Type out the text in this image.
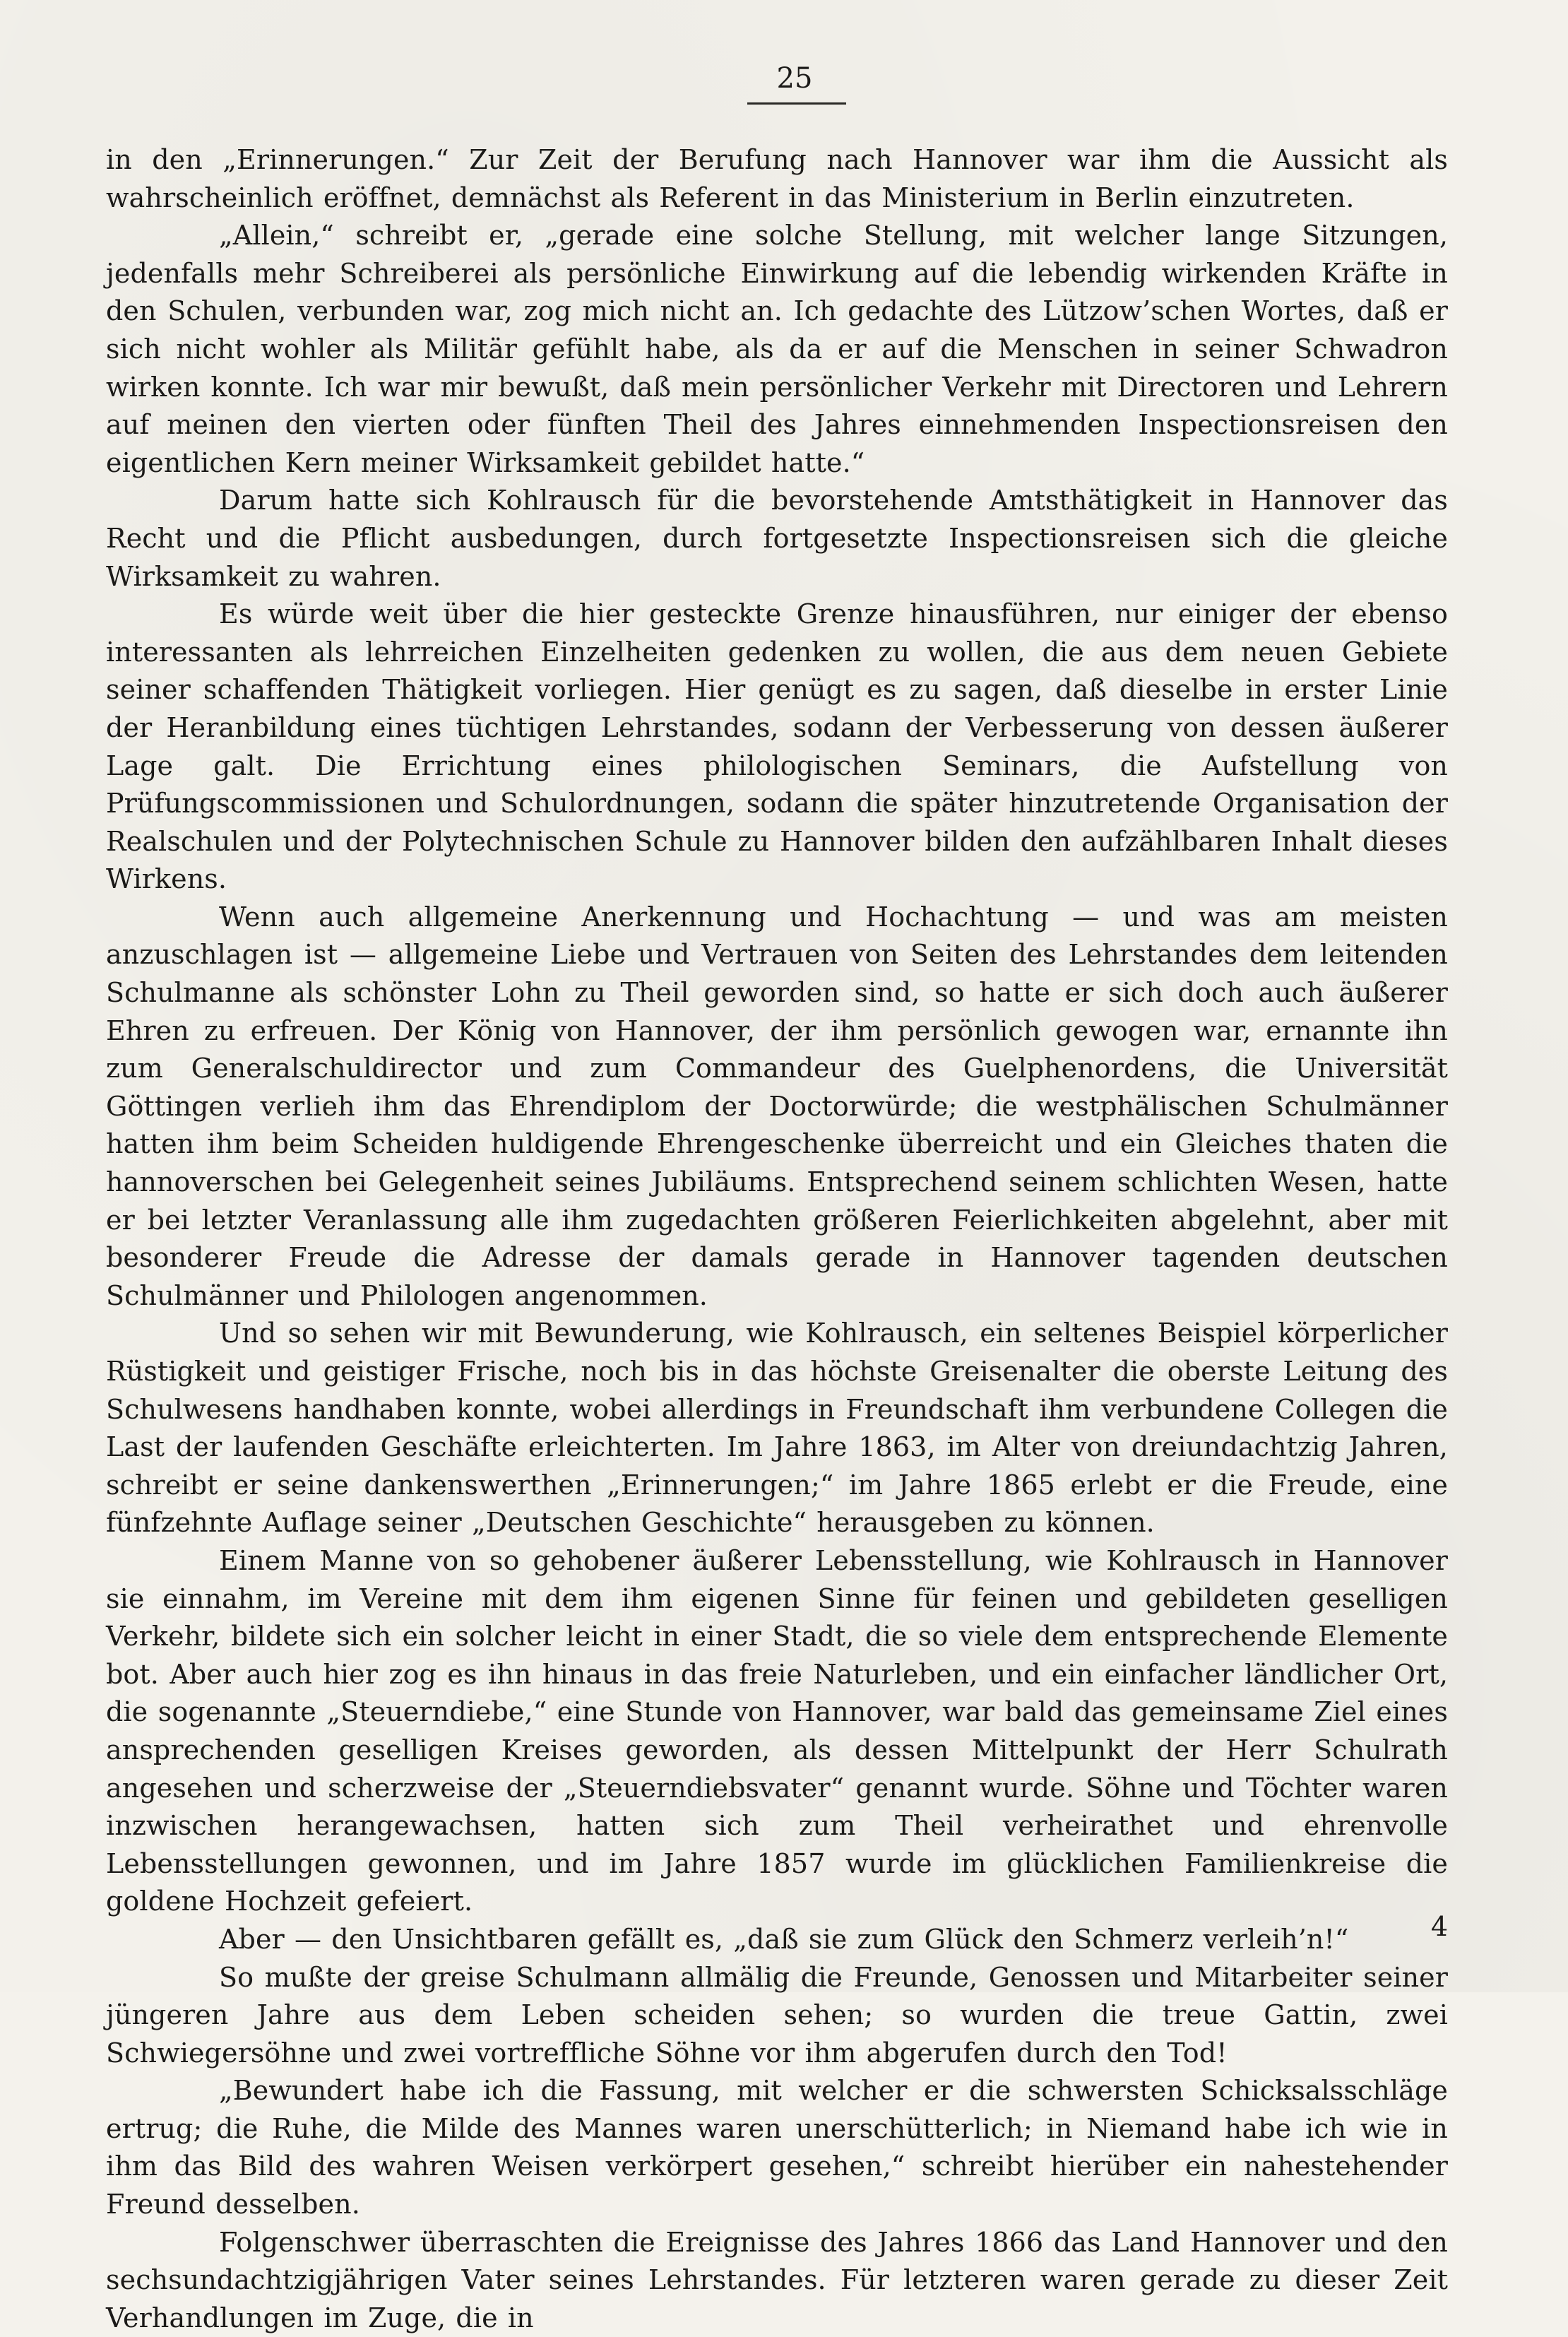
25

in den „Erinnerungen.“ Zur Zeit der Berufung nach Hannover war ihm die Aussicht als wahrscheinlich eröffnet, demnächst als Referent in das Ministerium in Berlin einzutreten.

„Allein,“ schreibt er, „gerade eine solche Stellung, mit welcher lange Sitzungen, jedenfalls mehr Schreiberei als persönliche Einwirkung auf die lebendig wirkenden Kräfte in den Schulen, verbunden war, zog mich nicht an. Ich gedachte des Lützow’schen Wortes, daß er sich nicht wohler als Militär gefühlt habe, als da er auf die Menschen in seiner Schwadron wirken konnte. Ich war mir bewußt, daß mein persönlicher Verkehr mit Directoren und Lehrern auf meinen den vierten oder fünften Theil des Jahres einnehmenden Inspectionsreisen den eigentlichen Kern meiner Wirksamkeit gebildet hatte.“

Darum hatte sich Kohlrausch für die bevorstehende Amtsthätigkeit in Hannover das Recht und die Pflicht ausbedungen, durch fortgesetzte Inspectionsreisen sich die gleiche Wirksamkeit zu wahren.

Es würde weit über die hier gesteckte Grenze hinausführen, nur einiger der ebenso interessanten als lehrreichen Einzelheiten gedenken zu wollen, die aus dem neuen Gebiete seiner schaffenden Thätigkeit vorliegen. Hier genügt es zu sagen, daß dieselbe in erster Linie der Heranbildung eines tüchtigen Lehrstandes, sodann der Verbesserung von dessen äußerer Lage galt. Die Errichtung eines philologischen Seminars, die Aufstellung von Prüfungscommissionen und Schulordnungen, sodann die später hinzutretende Organisation der Realschulen und der Polytechnischen Schule zu Hannover bilden den aufzählbaren Inhalt dieses Wirkens.

Wenn auch allgemeine Anerkennung und Hochachtung — und was am meisten anzuschlagen ist — allgemeine Liebe und Vertrauen von Seiten des Lehrstandes dem leitenden Schulmanne als schönster Lohn zu Theil geworden sind, so hatte er sich doch auch äußerer Ehren zu erfreuen. Der König von Hannover, der ihm persönlich gewogen war, ernannte ihn zum Generalschuldirector und zum Commandeur des Guelphenordens, die Universität Göttingen verlieh ihm das Ehrendiplom der Doctorwürde; die westphälischen Schulmänner hatten ihm beim Scheiden huldigende Ehrengeschenke überreicht und ein Gleiches thaten die hannoverschen bei Gelegenheit seines Jubiläums. Entsprechend seinem schlichten Wesen, hatte er bei letzter Veranlassung alle ihm zugedachten größeren Feierlichkeiten abgelehnt, aber mit besonderer Freude die Adresse der damals gerade in Hannover tagenden deutschen Schulmänner und Philologen angenommen.

Und so sehen wir mit Bewunderung, wie Kohlrausch, ein seltenes Beispiel körperlicher Rüstigkeit und geistiger Frische, noch bis in das höchste Greisenalter die oberste Leitung des Schulwesens handhaben konnte, wobei allerdings in Freundschaft ihm verbundene Collegen die Last der laufenden Geschäfte erleichterten. Im Jahre 1863, im Alter von dreiundachtzig Jahren, schreibt er seine dankenswerthen „Erinnerungen;“ im Jahre 1865 erlebt er die Freude, eine fünfzehnte Auflage seiner „Deutschen Geschichte“ herausgeben zu können.

Einem Manne von so gehobener äußerer Lebensstellung, wie Kohlrausch in Hannover sie einnahm, im Vereine mit dem ihm eigenen Sinne für feinen und gebildeten geselligen Verkehr, bildete sich ein solcher leicht in einer Stadt, die so viele dem entsprechende Elemente bot. Aber auch hier zog es ihn hinaus in das freie Naturleben, und ein einfacher ländlicher Ort, die sogenannte „Steuerndiebe,“ eine Stunde von Hannover, war bald das gemeinsame Ziel eines ansprechenden geselligen Kreises geworden, als dessen Mittelpunkt der Herr Schulrath angesehen und scherzweise der „Steuerndiebsvater“ genannt wurde. Söhne und Töchter waren inzwischen herangewachsen, hatten sich zum Theil verheirathet und ehrenvolle Lebensstellungen gewonnen, und im Jahre 1857 wurde im glücklichen Familienkreise die goldene Hochzeit gefeiert.

Aber — den Unsichtbaren gefällt es, „daß sie zum Glück den Schmerz verleih’n!“

So mußte der greise Schulmann allmälig die Freunde, Genossen und Mitarbeiter seiner jüngeren Jahre aus dem Leben scheiden sehen; so wurden die treue Gattin, zwei Schwiegersöhne und zwei vortreffliche Söhne vor ihm abgerufen durch den Tod!

„Bewundert habe ich die Fassung, mit welcher er die schwersten Schicksalsschläge ertrug; die Ruhe, die Milde des Mannes waren unerschütterlich; in Niemand habe ich wie in ihm das Bild des wahren Weisen verkörpert gesehen,“ schreibt hierüber ein nahestehender Freund desselben.

Folgenschwer überraschten die Ereignisse des Jahres 1866 das Land Hannover und den sechsundachtzigjährigen Vater seines Lehrstandes. Für letzteren waren gerade zu dieser Zeit Verhandlungen im Zuge, die in

4
